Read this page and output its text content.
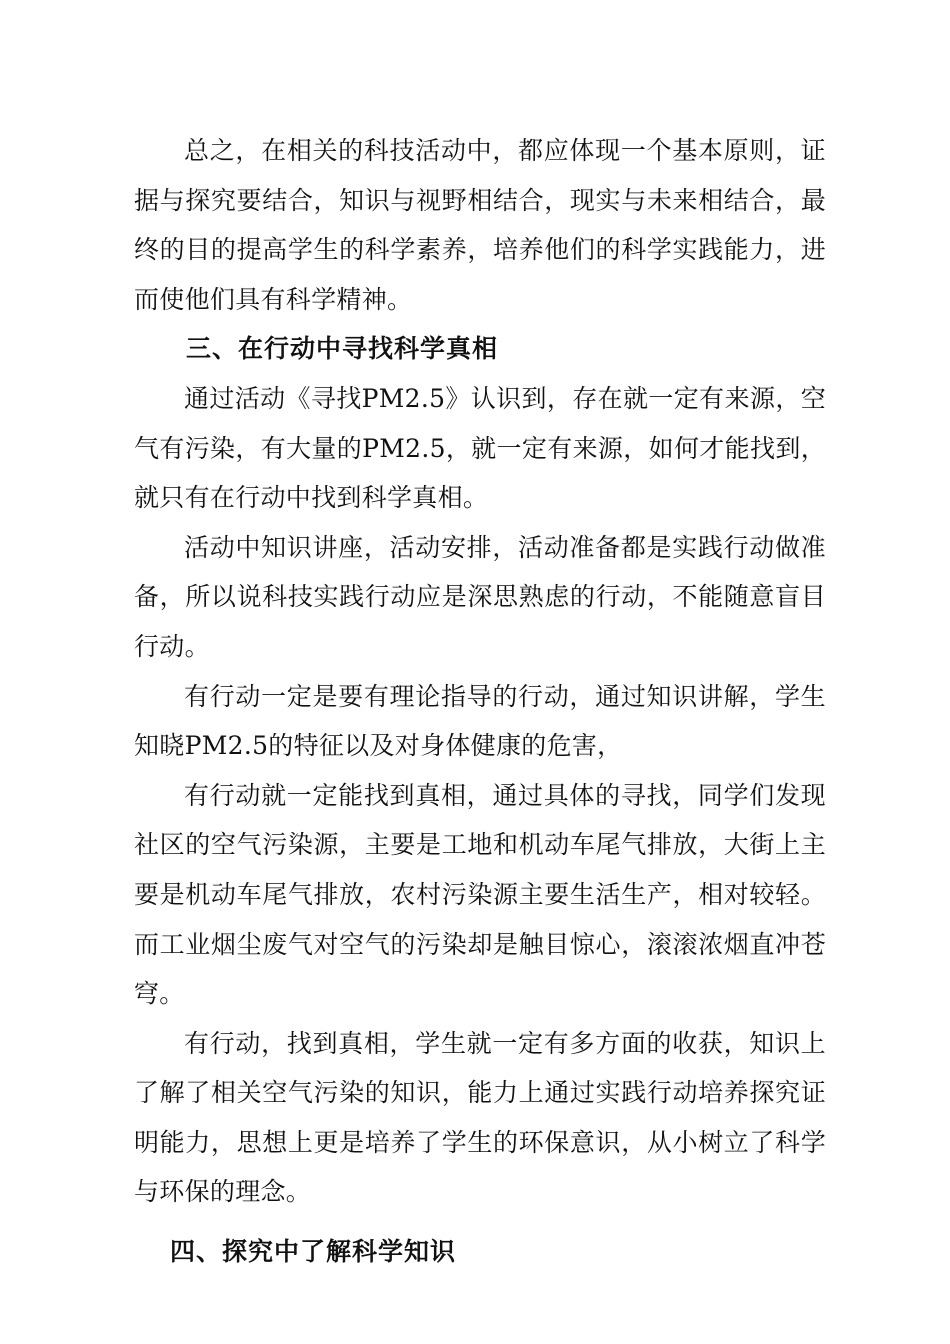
总之，在相关的科技活动中，都应体现一个基本原则，证据与探究要结合，知识与视野相结合，现实与未来相结合，最终的目的提高学生的科学素养，培养他们的科学实践能力，进而使他们具有科学精神。

三、在行动中寻找科学真相

通过活动《寻找PM2.5》认识到，存在就一定有来源，空气有污染，有大量的PM2.5，就一定有来源，如何才能找到，就只有在行动中找到科学真相。

活动中知识讲座，活动安排，活动准备都是实践行动做准备，所以说科技实践行动应是深思熟虑的行动，不能随意盲目行动。

有行动一定是要有理论指导的行动，通过知识讲解，学生知晓PM2.5的特征以及对身体健康的危害，

有行动就一定能找到真相，通过具体的寻找，同学们发现社区的空气污染源，主要是工地和机动车尾气排放，大街上主要是机动车尾气排放，农村污染源主要生活生产，相对较轻。而工业烟尘废气对空气的污染却是触目惊心，滚滚浓烟直冲苍穹。

有行动，找到真相，学生就一定有多方面的收获，知识上了解了相关空气污染的知识，能力上通过实践行动培养探究证明能力，思想上更是培养了学生的环保意识，从小树立了科学与环保的理念。

四、探究中了解科学知识
